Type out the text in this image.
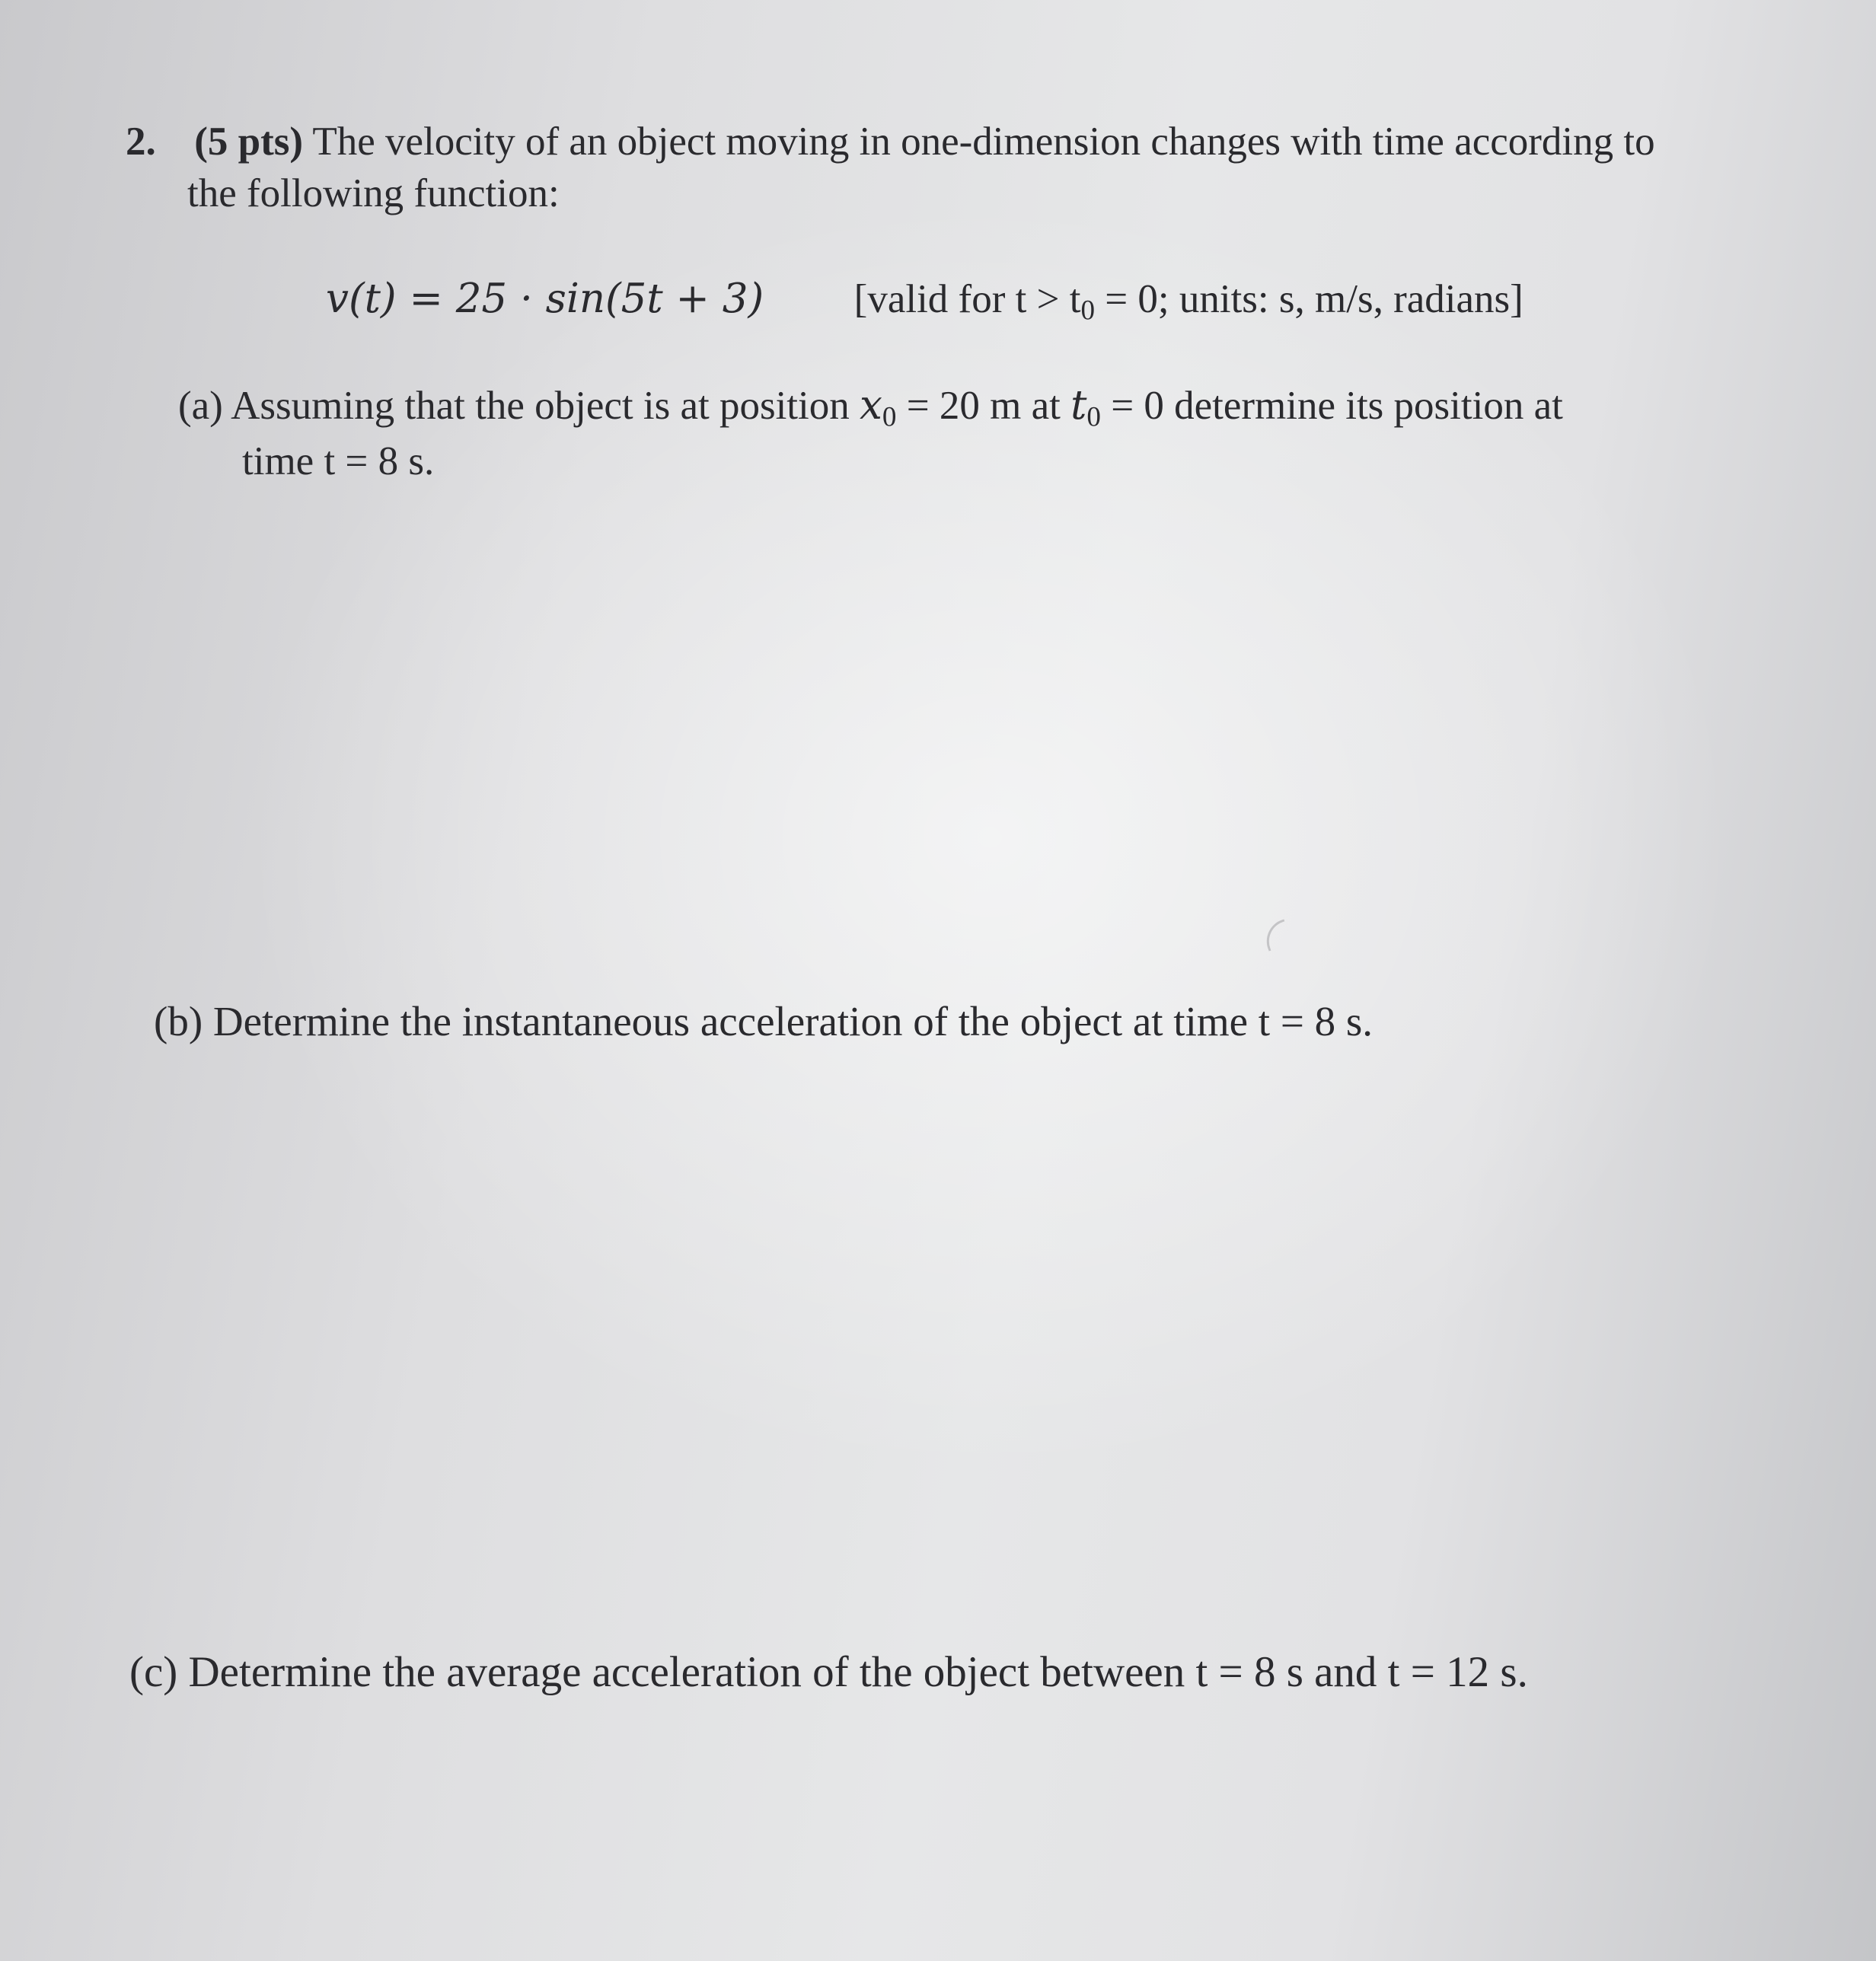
2. (5 pts) The velocity of an object moving in one-dimension changes with time according to
the following function:
v(t) = 25 · sin(5t + 3) [valid for $t > t_0 = 0$; units: s, m/s, radians]
(a) Assuming that the object is at position $x_0 = 20$ m at $t_0 = 0$ determine its position at
time t = 8 s.
(b) Determine the instantaneous acceleration of the object at time t = 8 s.
(c) Determine the average acceleration of the object between t = 8 s and t = 12 s.
